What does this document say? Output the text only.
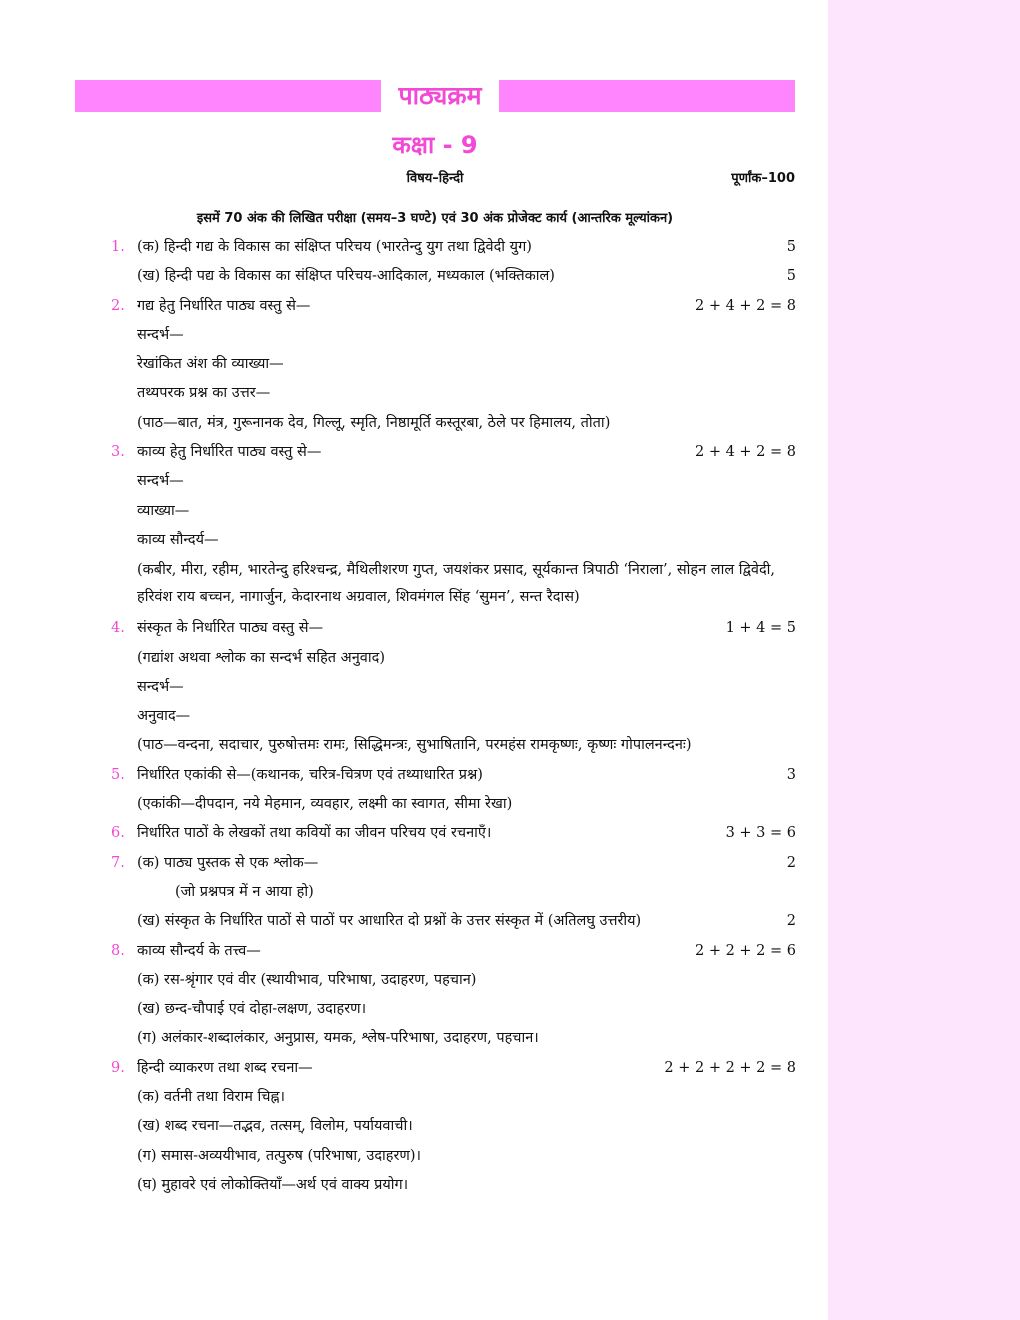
पाठ्यक्रम
कक्षा - 9
विषय–हिन्दी	पूर्णांक–100
इसमें 70 अंक की लिखित परीक्षा (समय–3 घण्टे) एवं 30 अंक प्रोजेक्ट कार्य (आन्तरिक मूल्यांकन)
1. (क) हिन्दी गद्य के विकास का संक्षिप्त परिचय (भारतेन्दु युग तथा द्विवेदी युग)	5
(ख) हिन्दी पद्य के विकास का संक्षिप्त परिचय-आदिकाल, मध्यकाल (भक्तिकाल)	5
2. गद्य हेतु निर्धारित पाठ्य वस्तु से—	2 + 4 + 2 = 8
सन्दर्भ—
रेखांकित अंश की व्याख्या—
तथ्यपरक प्रश्न का उत्तर—
(पाठ—बात, मंत्र, गुरूनानक देव, गिल्लू, स्मृति, निष्ठामूर्ति कस्तूरबा, ठेले पर हिमालय, तोता)
3. काव्य हेतु निर्धारित पाठ्य वस्तु से—	2 + 4 + 2 = 8
सन्दर्भ—
व्याख्या—
काव्य सौन्दर्य—
(कबीर, मीरा, रहीम, भारतेन्दु हरिश्चन्द्र, मैथिलीशरण गुप्त, जयशंकर प्रसाद, सूर्यकान्त त्रिपाठी ‘निराला’, सोहन लाल द्विवेदी, हरिवंश राय बच्चन, नागार्जुन, केदारनाथ अग्रवाल, शिवमंगल सिंह ‘सुमन’, सन्त रैदास)
4. संस्कृत के निर्धारित पाठ्य वस्तु से—	1 + 4 = 5
(गद्यांश अथवा श्लोक का सन्दर्भ सहित अनुवाद)
सन्दर्भ—
अनुवाद—
(पाठ—वन्दना, सदाचार, पुरुषोत्तमः रामः, सिद्धिमन्त्रः, सुभाषितानि, परमहंस रामकृष्णः, कृष्णः गोपालनन्दनः)
5. निर्धारित एकांकी से—(कथानक, चरित्र-चित्रण एवं तथ्याधारित प्रश्न)	3
(एकांकी—दीपदान, नये मेहमान, व्यवहार, लक्ष्मी का स्वागत, सीमा रेखा)
6. निर्धारित पाठों के लेखकों तथा कवियों का जीवन परिचय एवं रचनाएँ।	3 + 3 = 6
7. (क) पाठ्य पुस्तक से एक श्लोक—	2
(जो प्रश्नपत्र में न आया हो)
(ख) संस्कृत के निर्धारित पाठों से पाठों पर आधारित दो प्रश्नों के उत्तर संस्कृत में (अतिलघु उत्तरीय)	2
8. काव्य सौन्दर्य के तत्त्व—	2 + 2 + 2 = 6
(क) रस-श्रृंगार एवं वीर (स्थायीभाव, परिभाषा, उदाहरण, पहचान)
(ख) छन्द-चौपाई एवं दोहा-लक्षण, उदाहरण।
(ग) अलंकार-शब्दालंकार, अनुप्रास, यमक, श्लेष-परिभाषा, उदाहरण, पहचान।
9. हिन्दी व्याकरण तथा शब्द रचना—	2 + 2 + 2 + 2 = 8
(क) वर्तनी तथा विराम चिह्न।
(ख) शब्द रचना—तद्भव, तत्सम्, विलोम, पर्यायवाची।
(ग) समास-अव्ययीभाव, तत्पुरुष (परिभाषा, उदाहरण)।
(घ) मुहावरे एवं लोकोक्तियाँ—अर्थ एवं वाक्य प्रयोग।
